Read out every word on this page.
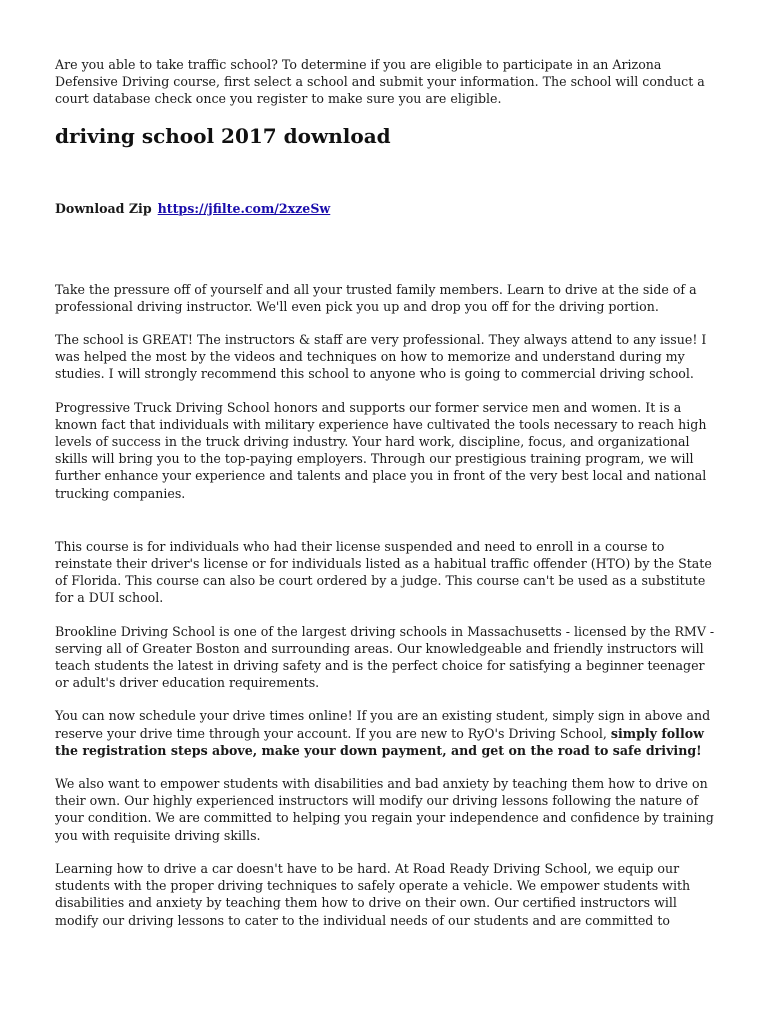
Are you able to take traffic school? To determine if you are eligible to participate in an Arizona Defensive Driving course, first select a school and submit your information. The school will conduct a court database check once you register to make sure you are eligible.

driving school 2017 download

Download Zip https://jfilte.com/2xzeSw

Take the pressure off of yourself and all your trusted family members. Learn to drive at the side of a professional driving instructor. We'll even pick you up and drop you off for the driving portion.

The school is GREAT! The instructors & staff are very professional. They always attend to any issue! I was helped the most by the videos and techniques on how to memorize and understand during my studies. I will strongly recommend this school to anyone who is going to commercial driving school.

Progressive Truck Driving School honors and supports our former service men and women. It is a known fact that individuals with military experience have cultivated the tools necessary to reach high levels of success in the truck driving industry. Your hard work, discipline, focus, and organizational skills will bring you to the top-paying employers. Through our prestigious training program, we will further enhance your experience and talents and place you in front of the very best local and national trucking companies.

This course is for individuals who had their license suspended and need to enroll in a course to reinstate their driver's license or for individuals listed as a habitual traffic offender (HTO) by the State of Florida. This course can also be court ordered by a judge. This course can't be used as a substitute for a DUI school.

Brookline Driving School is one of the largest driving schools in Massachusetts - licensed by the RMV - serving all of Greater Boston and surrounding areas. Our knowledgeable and friendly instructors will teach students the latest in driving safety and is the perfect choice for satisfying a beginner teenager or adult's driver education requirements.

You can now schedule your drive times online! If you are an existing student, simply sign in above and reserve your drive time through your account. If you are new to RyO's Driving School, simply follow the registration steps above, make your down payment, and get on the road to safe driving!

We also want to empower students with disabilities and bad anxiety by teaching them how to drive on their own. Our highly experienced instructors will modify our driving lessons following the nature of your condition. We are committed to helping you regain your independence and confidence by training you with requisite driving skills.

Learning how to drive a car doesn't have to be hard. At Road Ready Driving School, we equip our students with the proper driving techniques to safely operate a vehicle. We empower students with disabilities and anxiety by teaching them how to drive on their own. Our certified instructors will modify our driving lessons to cater to the individual needs of our students and are committed to
